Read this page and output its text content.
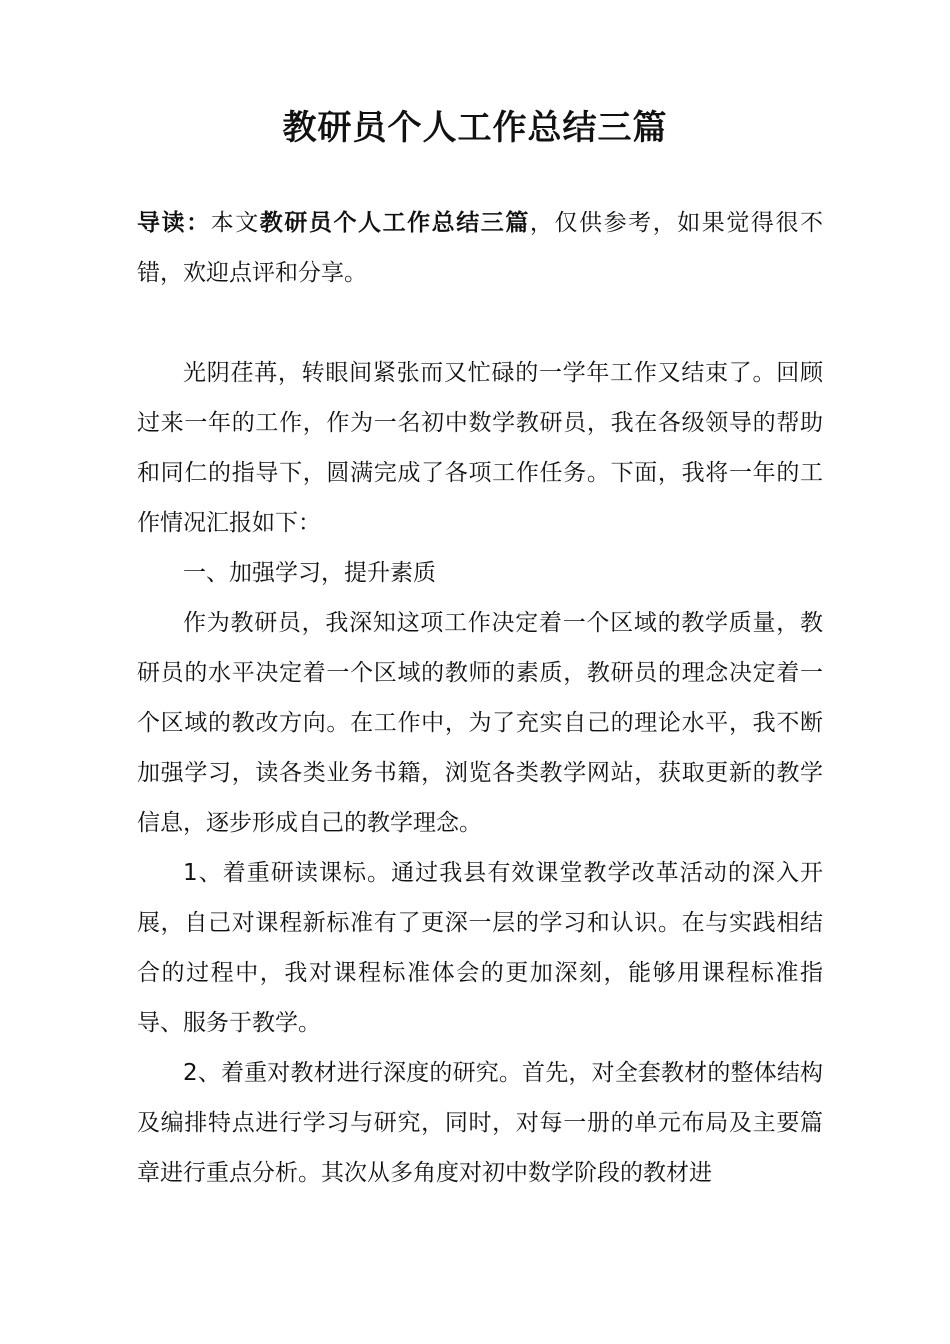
教研员个人工作总结三篇

导读：本文教研员个人工作总结三篇，仅供参考，如果觉得很不错，欢迎点评和分享。

光阴荏苒，转眼间紧张而又忙碌的一学年工作又结束了。回顾过来一年的工作，作为一名初中数学教研员，我在各级领导的帮助和同仁的指导下，圆满完成了各项工作任务。下面，我将一年的工作情况汇报如下：

一、加强学习，提升素质

作为教研员，我深知这项工作决定着一个区域的教学质量，教研员的水平决定着一个区域的教师的素质，教研员的理念决定着一个区域的教改方向。在工作中，为了充实自己的理论水平，我不断加强学习，读各类业务书籍，浏览各类教学网站，获取更新的教学信息，逐步形成自己的教学理念。

1、着重研读课标。通过我县有效课堂教学改革活动的深入开展，自己对课程新标准有了更深一层的学习和认识。在与实践相结合的过程中，我对课程标准体会的更加深刻，能够用课程标准指导、服务于教学。

2、着重对教材进行深度的研究。首先，对全套教材的整体结构及编排特点进行学习与研究，同时，对每一册的单元布局及主要篇章进行重点分析。其次从多角度对初中数学阶段的教材进
